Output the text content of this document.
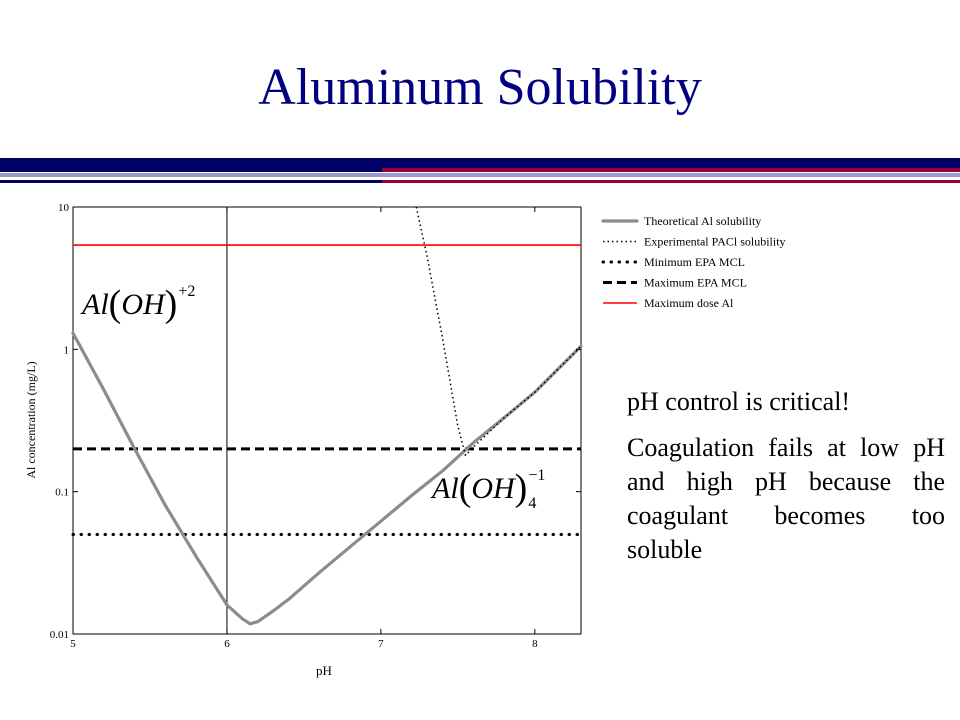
Aluminum Solubility
5	6	7	8
0.01
0.1
1
10
pH
Al concentration (mg/L)
Theoretical Al solubility
Experimental PACl solubility
Minimum EPA MCL
Maximum EPA MCL
Maximum dose Al
Al(OH) +2
Al(OH) 4
−1

pH control is critical!

Coagulation fails at low pH and high pH because the coagulant becomes too soluble
